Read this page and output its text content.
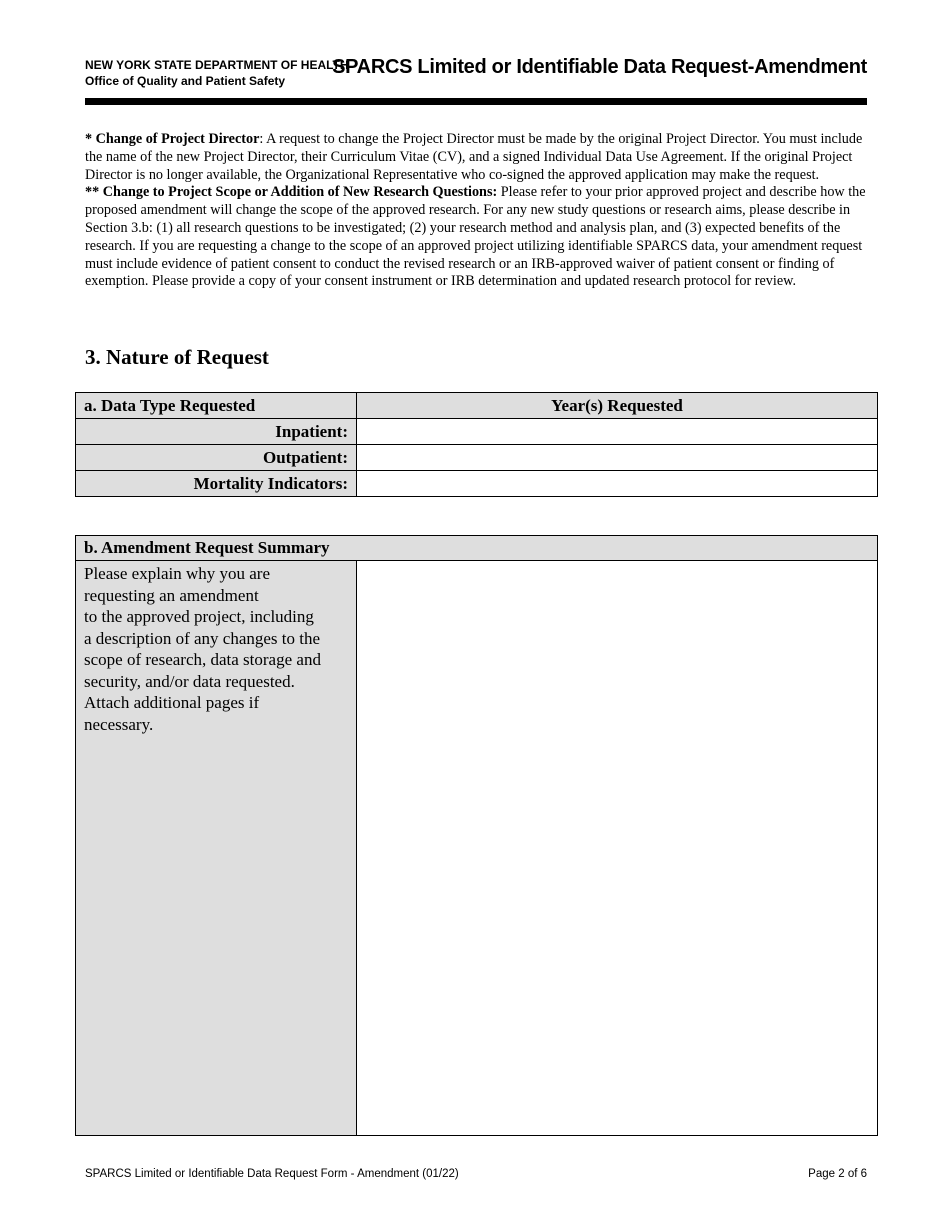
NEW YORK STATE DEPARTMENT OF HEALTH
Office of Quality and Patient Safety
SPARCS Limited or Identifiable Data Request-Amendment

* Change of Project Director: A request to change the Project Director must be made by the original Project Director. You must include the name of the new Project Director, their Curriculum Vitae (CV), and a signed Individual Data Use Agreement. If the original Project Director is no longer available, the Organizational Representative who co-signed the approved application may make the request.

** Change to Project Scope or Addition of New Research Questions: Please refer to your prior approved project and describe how the proposed amendment will change the scope of the approved research. For any new study questions or research aims, please describe in Section 3.b: (1) all research questions to be investigated; (2) your research method and analysis plan, and (3) expected benefits of the research. If you are requesting a change to the scope of an approved project utilizing identifiable SPARCS data, your amendment request must include evidence of patient consent to conduct the revised research or an IRB-approved waiver of patient consent or finding of exemption. Please provide a copy of your consent instrument or IRB determination and updated research protocol for review.

3. Nature of Request
a. Data Type Requested	Year(s) Requested
Inpatient:	
Outpatient:	
Mortality Indicators:	
b. Amendment Request Summary

Please explain why you are
requesting an amendment
to the approved project, including
a description of any changes to the
scope of research, data storage and
security, and/or data requested.
Attach additional pages if
necessary.

SPARCS Limited or Identifiable Data Request Form - Amendment (01/22)	Page 2 of 6
